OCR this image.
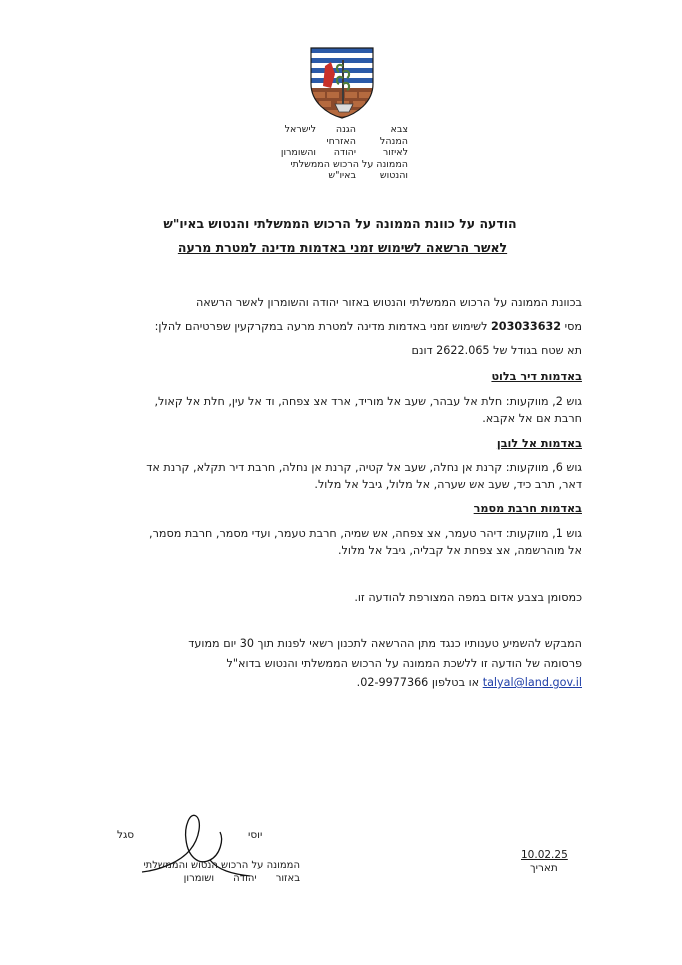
צבא
המנהל
לאיזור
הממונה על הרכוש הממשלתי
והנטוש
הגנה
האזרחי
יהודה

באיו"ש
לישראל

והשומרון
הודעה על כוונת הממונה על הרכוש הממשלתי והנטוש באיו"ש
לאשר הרשאה לשימוש זמני באדמות מדינה למטרת מרעה
בכוונת הממונה על הרכוש הממשלתי והנטוש באזור יהודה והשומרון לאשר הרשאה
מסי 203033632 לשימוש זמני באדמות מדינה למטרת מרעה במקרקעין שפרטיהם להלן:
תא שטח בגודל של 2622.065 דונם
באדמות דיר בלוט
גוש 2, מווקעות: חלת אל עבהר, שעב אל מוריד, ארד אצ צפחה, וד אל עין, חלת אל קאול,
חרבת אם אל אקבא.
באדמות אל לובן
גוש 6, מווקעות: קרנת אן נחלה, שעב אל קטיה, קרנת אן נחלה, חרבת דיר תקלא, קרנת אד
דאר, תרב כיד, שעב אש שערה, אל מלול, גיבל אל מלול.
באדמות חרבת מסמר
גוש 1, מווקעות: דיהר טעמר, אצ צפחה, אש שמיה, חרבת טעמר, ועדי מסמר, חרבת מסמר,
אל מוהרשמה, אצ צפחת אל קבליה, גיבל אל מלול.
כמסומן בצבע אדום במפה המצורפת להודעה זו.
המבקש להשמיע טענותיו כנגד מתן ההרשאה לתכנון רשאי לפנות תוך 30 יום ממועד
פרסומה של הודעה זו ללשכת הממונה על הרכוש הממשלתי והנטוש בדוא"ל
talyal@land.gov.il או בטלפון 02-9977366.
יוסי
סגל
הממונה על הרכוש הנטוש והממשלתי
באזור      יהודה      ושומרון
10.02.25
תאריך
